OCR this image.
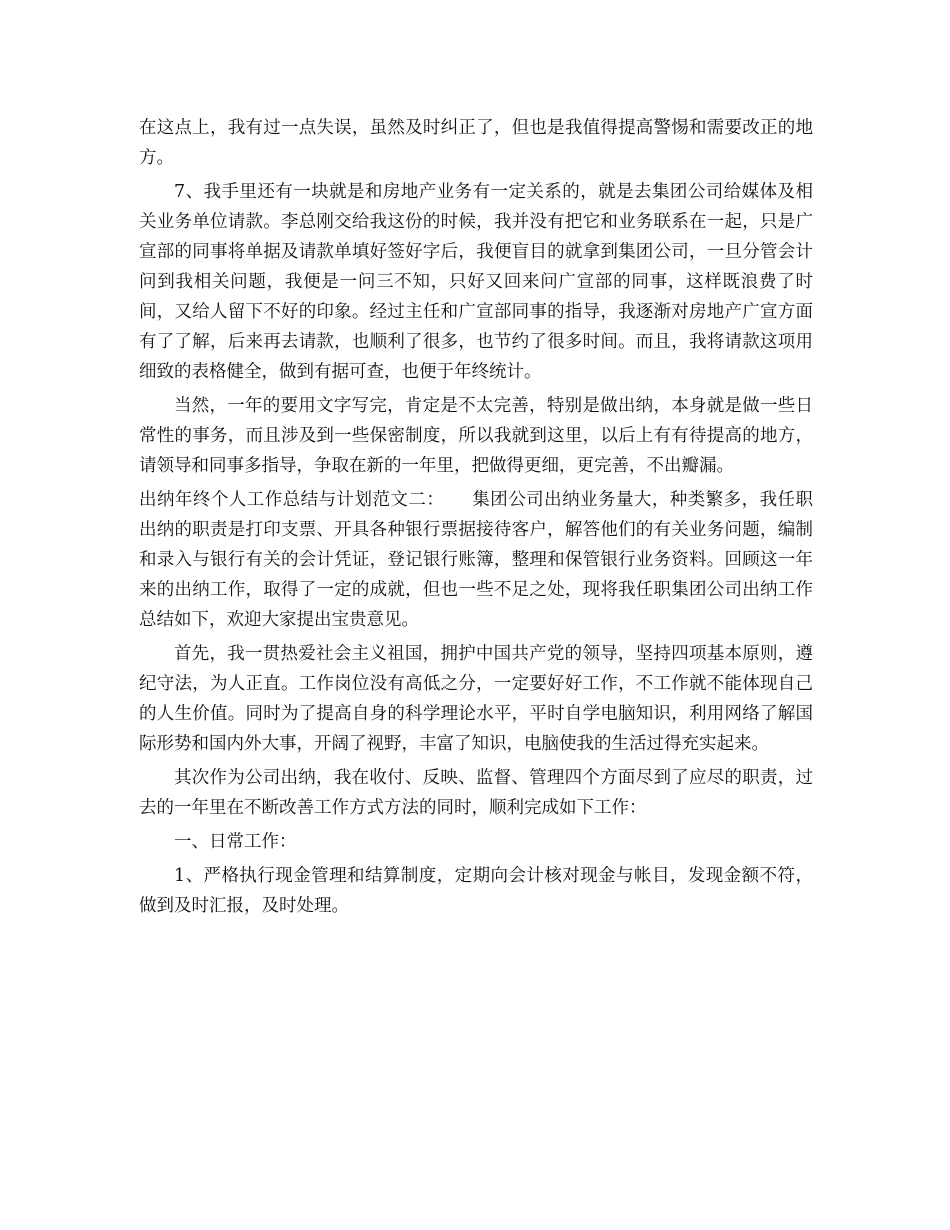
在这点上，我有过一点失误，虽然及时纠正了，但也是我值得提高警惕和需要改正的地方。

7、我手里还有一块就是和房地产业务有一定关系的，就是去集团公司给媒体及相关业务单位请款。李总刚交给我这份的时候，我并没有把它和业务联系在一起，只是广宣部的同事将单据及请款单填好签好字后，我便盲目的就拿到集团公司，一旦分管会计问到我相关问题，我便是一问三不知，只好又回来问广宣部的同事，这样既浪费了时间，又给人留下不好的印象。经过主任和广宣部同事的指导，我逐渐对房地产广宣方面有了了解，后来再去请款，也顺利了很多，也节约了很多时间。而且，我将请款这项用细致的表格健全，做到有据可查，也便于年终统计。

当然，一年的要用文字写完，肯定是不太完善，特别是做出纳，本身就是做一些日常性的事务，而且涉及到一些保密制度，所以我就到这里，以后上有有待提高的地方，请领导和同事多指导，争取在新的一年里，把做得更细，更完善，不出瓣漏。

出纳年终个人工作总结与计划范文二： 集团公司出纳业务量大，种类繁多，我任职出纳的职责是打印支票、开具各种银行票据接待客户，解答他们的有关业务问题，编制和录入与银行有关的会计凭证，登记银行账簿，整理和保管银行业务资料。回顾这一年来的出纳工作，取得了一定的成就，但也一些不足之处，现将我任职集团公司出纳工作总结如下，欢迎大家提出宝贵意见。

首先，我一贯热爱社会主义祖国，拥护中国共产党的领导，坚持四项基本原则，遵纪守法，为人正直。工作岗位没有高低之分，一定要好好工作，不工作就不能体现自己的人生价值。同时为了提高自身的科学理论水平，平时自学电脑知识，利用网络了解国际形势和国内外大事，开阔了视野，丰富了知识，电脑使我的生活过得充实起来。

其次作为公司出纳，我在收付、反映、监督、管理四个方面尽到了应尽的职责，过去的一年里在不断改善工作方式方法的同时，顺利完成如下工作：

一、日常工作：

1、严格执行现金管理和结算制度，定期向会计核对现金与帐目，发现金额不符，做到及时汇报，及时处理。
